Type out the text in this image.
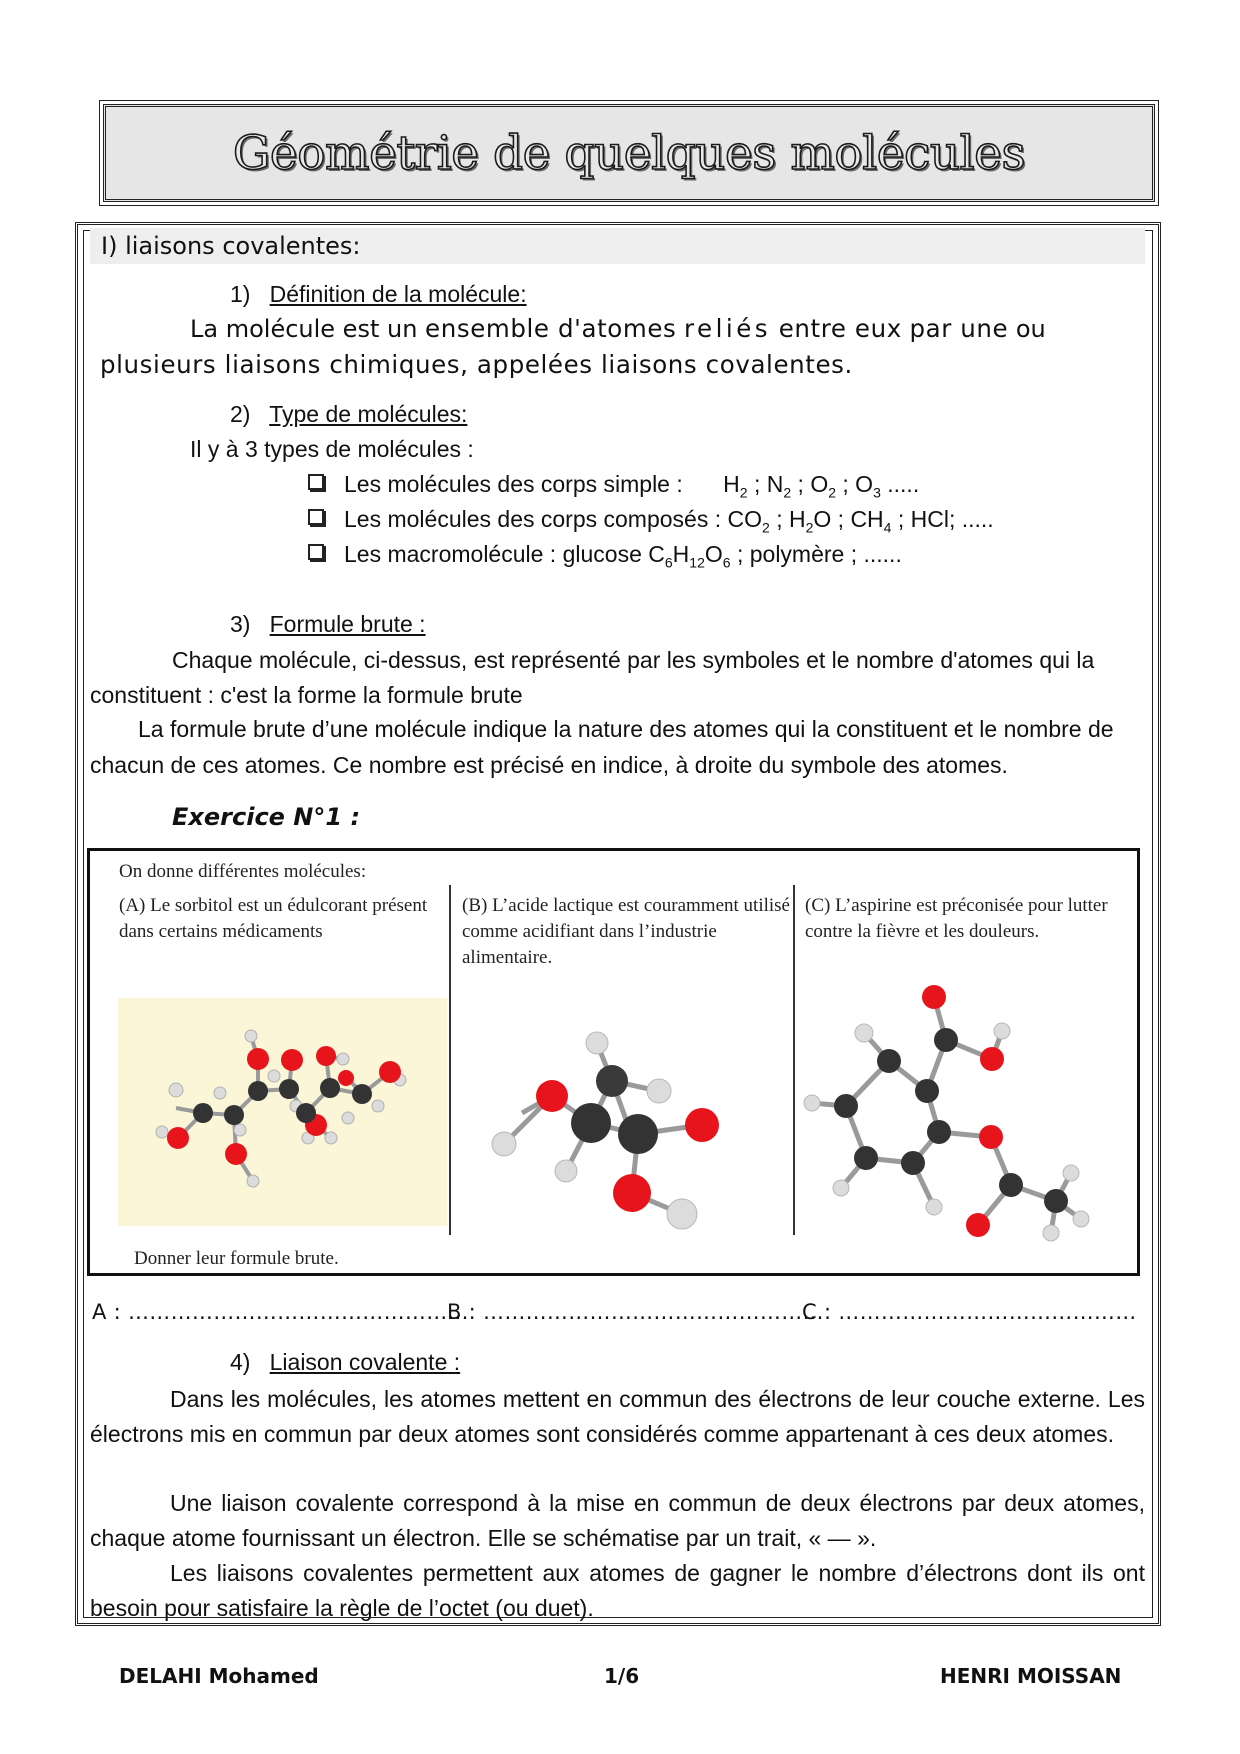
Géométrie de quelques molécules
I) liaisons covalentes:
1) Définition de la molécule:
La molécule est un ensemble d'atomes reliés entre eux par une ou
plusieurs liaisons chimiques, appelées liaisons covalentes.
2) Type de molécules:
Il y à 3 types de molécules :
Les molécules des corps simple : $H_2$ ; $N_2$ ; $O_2$ ; $O_3$ .....
Les molécules des corps composés : $CO_2$ ; $H_2O$ ; $CH_4$ ; HCl; .....
Les macromolécule : glucose $C_6H_{12}O_6$ ; polymère ; ......
3) Formule brute :
Chaque molécule, ci-dessus, est représenté par les symboles et le nombre d'atomes qui la
constituent : c'est la forme la formule brute
La formule brute d’une molécule indique la nature des atomes qui la constituent et le nombre de
chacun de ces atomes. Ce nombre est précisé en indice, à droite du symbole des atomes.
Exercice N°1 :
On donne différentes molécules:
(A) Le sorbitol est un édulcorant présent
dans certains médicaments
(B) L’acide lactique est couramment utilisé
comme acidifiant dans l’industrie
alimentaire.
(C) L’aspirine est préconisée pour lutter
contre la fièvre et les douleurs.
Donner leur formule brute.
A : …………………………………………
B : …………………………………………
C : ……………………………………
4) Liaison covalente :
Dans les molécules, les atomes mettent en commun des électrons de leur couche externe. Les électrons mis en commun par deux atomes sont considérés comme appartenant à ces deux atomes.
Une liaison covalente correspond à la mise en commun de deux électrons par deux atomes, chaque atome fournissant un électron. Elle se schématise par un trait, « — ».
Les liaisons covalentes permettent aux atomes de gagner le nombre d’électrons dont ils ont besoin pour satisfaire la règle de l’octet (ou duet).
DELAHI Mohamed	1/6	HENRI MOISSAN
